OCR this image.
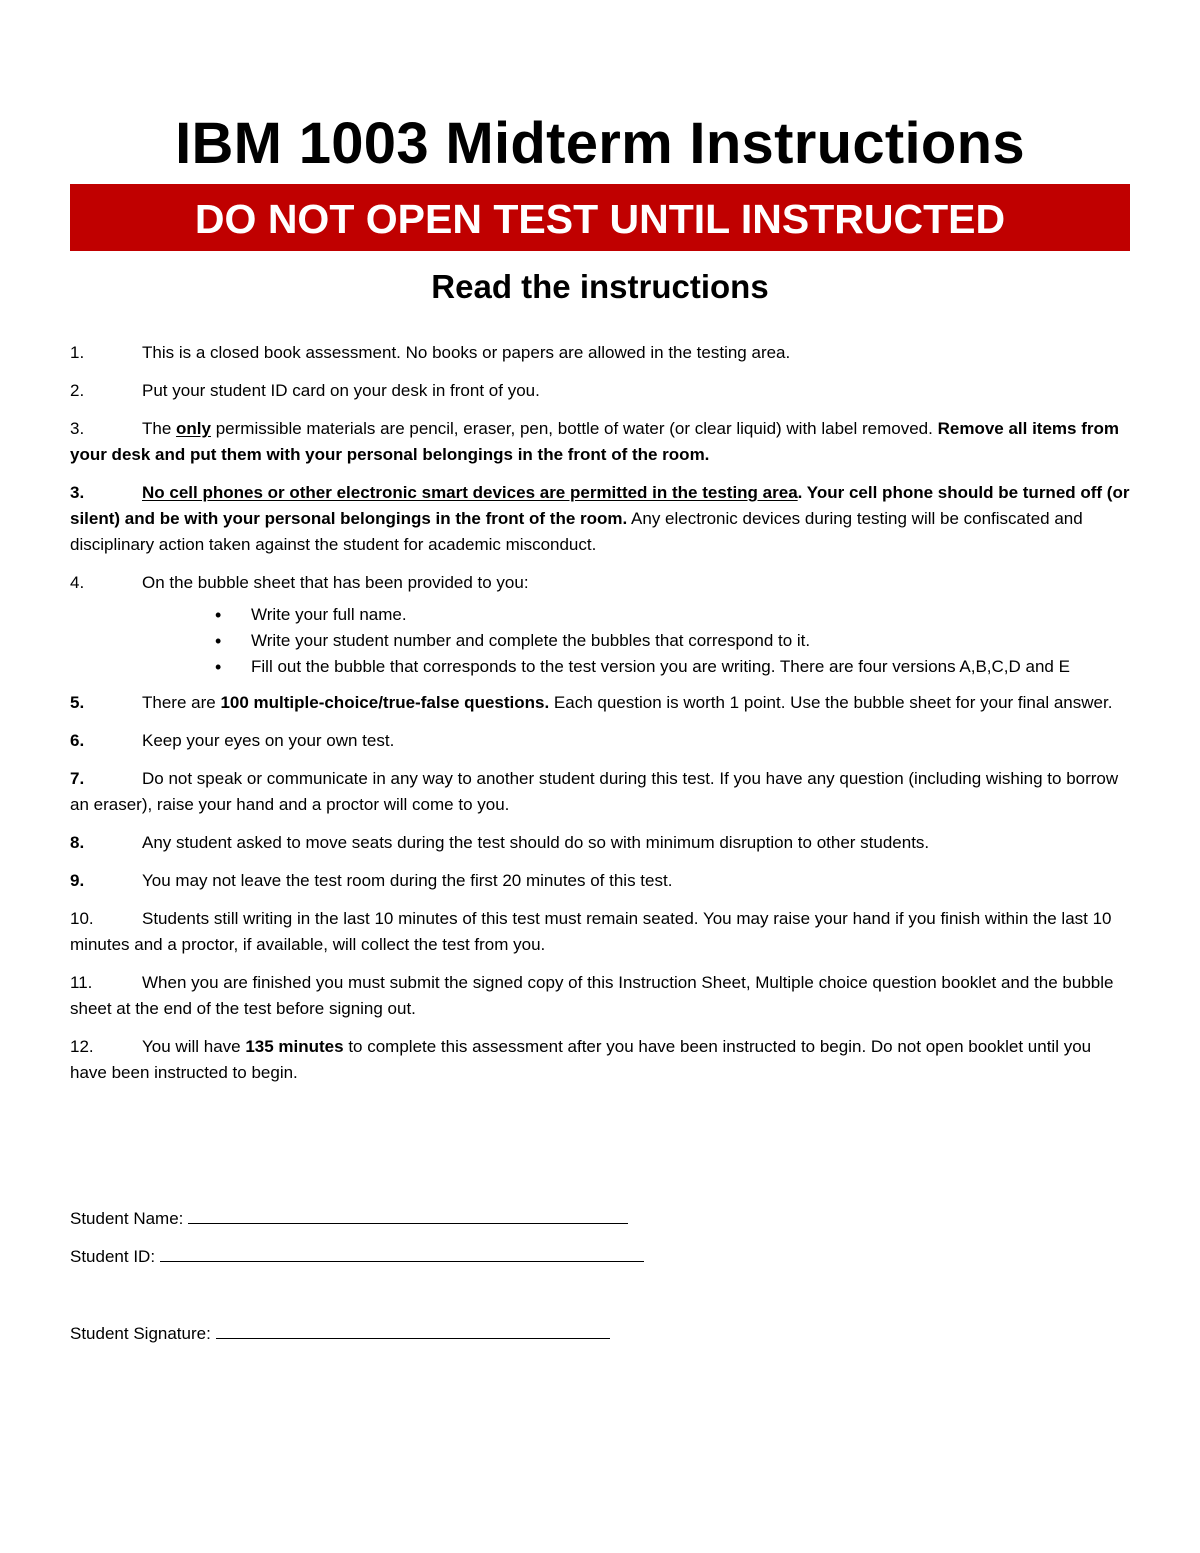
IBM 1003 Midterm Instructions
DO NOT OPEN TEST UNTIL INSTRUCTED
Read the instructions
1.	This is a closed book assessment. No books or papers are allowed in the testing area.
2.	Put your student ID card on your desk in front of you.
3.	The only permissible materials are pencil, eraser, pen, bottle of water (or clear liquid) with label removed. Remove all items from your desk and put them with your personal belongings in the front of the room.
3.	No cell phones or other electronic smart devices are permitted in the testing area. Your cell phone should be turned off (or silent) and be with your personal belongings in the front of the room. Any electronic devices during testing will be confiscated and disciplinary action taken against the student for academic misconduct.
4.	On the bubble sheet that has been provided to you:
• Write your full name.
• Write your student number and complete the bubbles that correspond to it.
• Fill out the bubble that corresponds to the test version you are writing. There are four versions A,B,C,D and E
5.	There are 100 multiple-choice/true-false questions. Each question is worth 1 point. Use the bubble sheet for your final answer.
6.	Keep your eyes on your own test.
7.	Do not speak or communicate in any way to another student during this test. If you have any question (including wishing to borrow an eraser), raise your hand and a proctor will come to you.
8.	Any student asked to move seats during the test should do so with minimum disruption to other students.
9.	You may not leave the test room during the first 20 minutes of this test.
10.	Students still writing in the last 10 minutes of this test must remain seated. You may raise your hand if you finish within the last 10 minutes and a proctor, if available, will collect the test from you.
11.	When you are finished you must submit the signed copy of this Instruction Sheet, Multiple choice question booklet and the bubble sheet at the end of the test before signing out.
12.	You will have 135 minutes to complete this assessment after you have been instructed to begin. Do not open booklet until you have been instructed to begin.
Student Name:
Student ID:
Student Signature:
